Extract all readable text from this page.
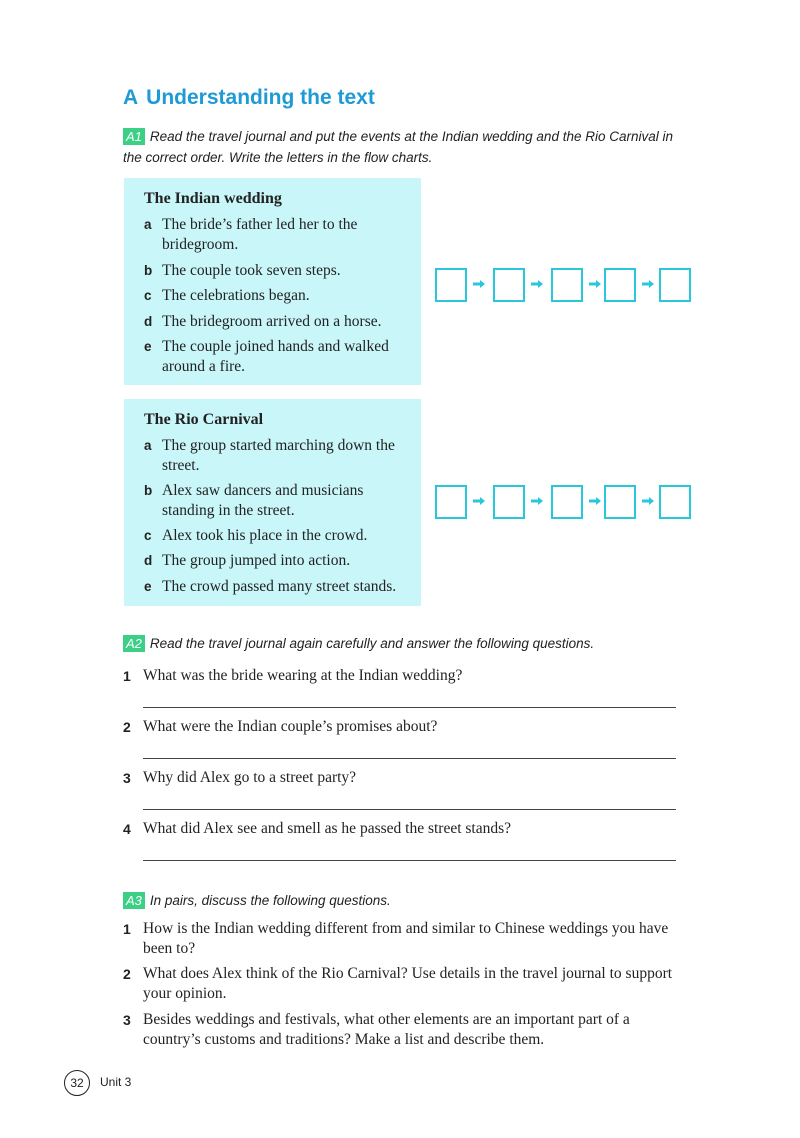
A Understanding the text
A1 Read the travel journal and put the events at the Indian wedding and the Rio Carnival in
the correct order. Write the letters in the flow charts.
The Indian wedding
a The bride’s father led her to the bridegroom.
b The couple took seven steps.
c The celebrations began.
d The bridegroom arrived on a horse.
e The couple joined hands and walked around a fire.
The Rio Carnival
a The group started marching down the street.
b Alex saw dancers and musicians standing in the street.
c Alex took his place in the crowd.
d The group jumped into action.
e The crowd passed many street stands.
A2 Read the travel journal again carefully and answer the following questions.
1 What was the bride wearing at the Indian wedding?
2 What were the Indian couple’s promises about?
3 Why did Alex go to a street party?
4 What did Alex see and smell as he passed the street stands?
A3 In pairs, discuss the following questions.
1 How is the Indian wedding different from and similar to Chinese weddings you have been to?
2 What does Alex think of the Rio Carnival? Use details in the travel journal to support your opinion.
3 Besides weddings and festivals, what other elements are an important part of a country’s customs and traditions? Make a list and describe them.
32	Unit 3
